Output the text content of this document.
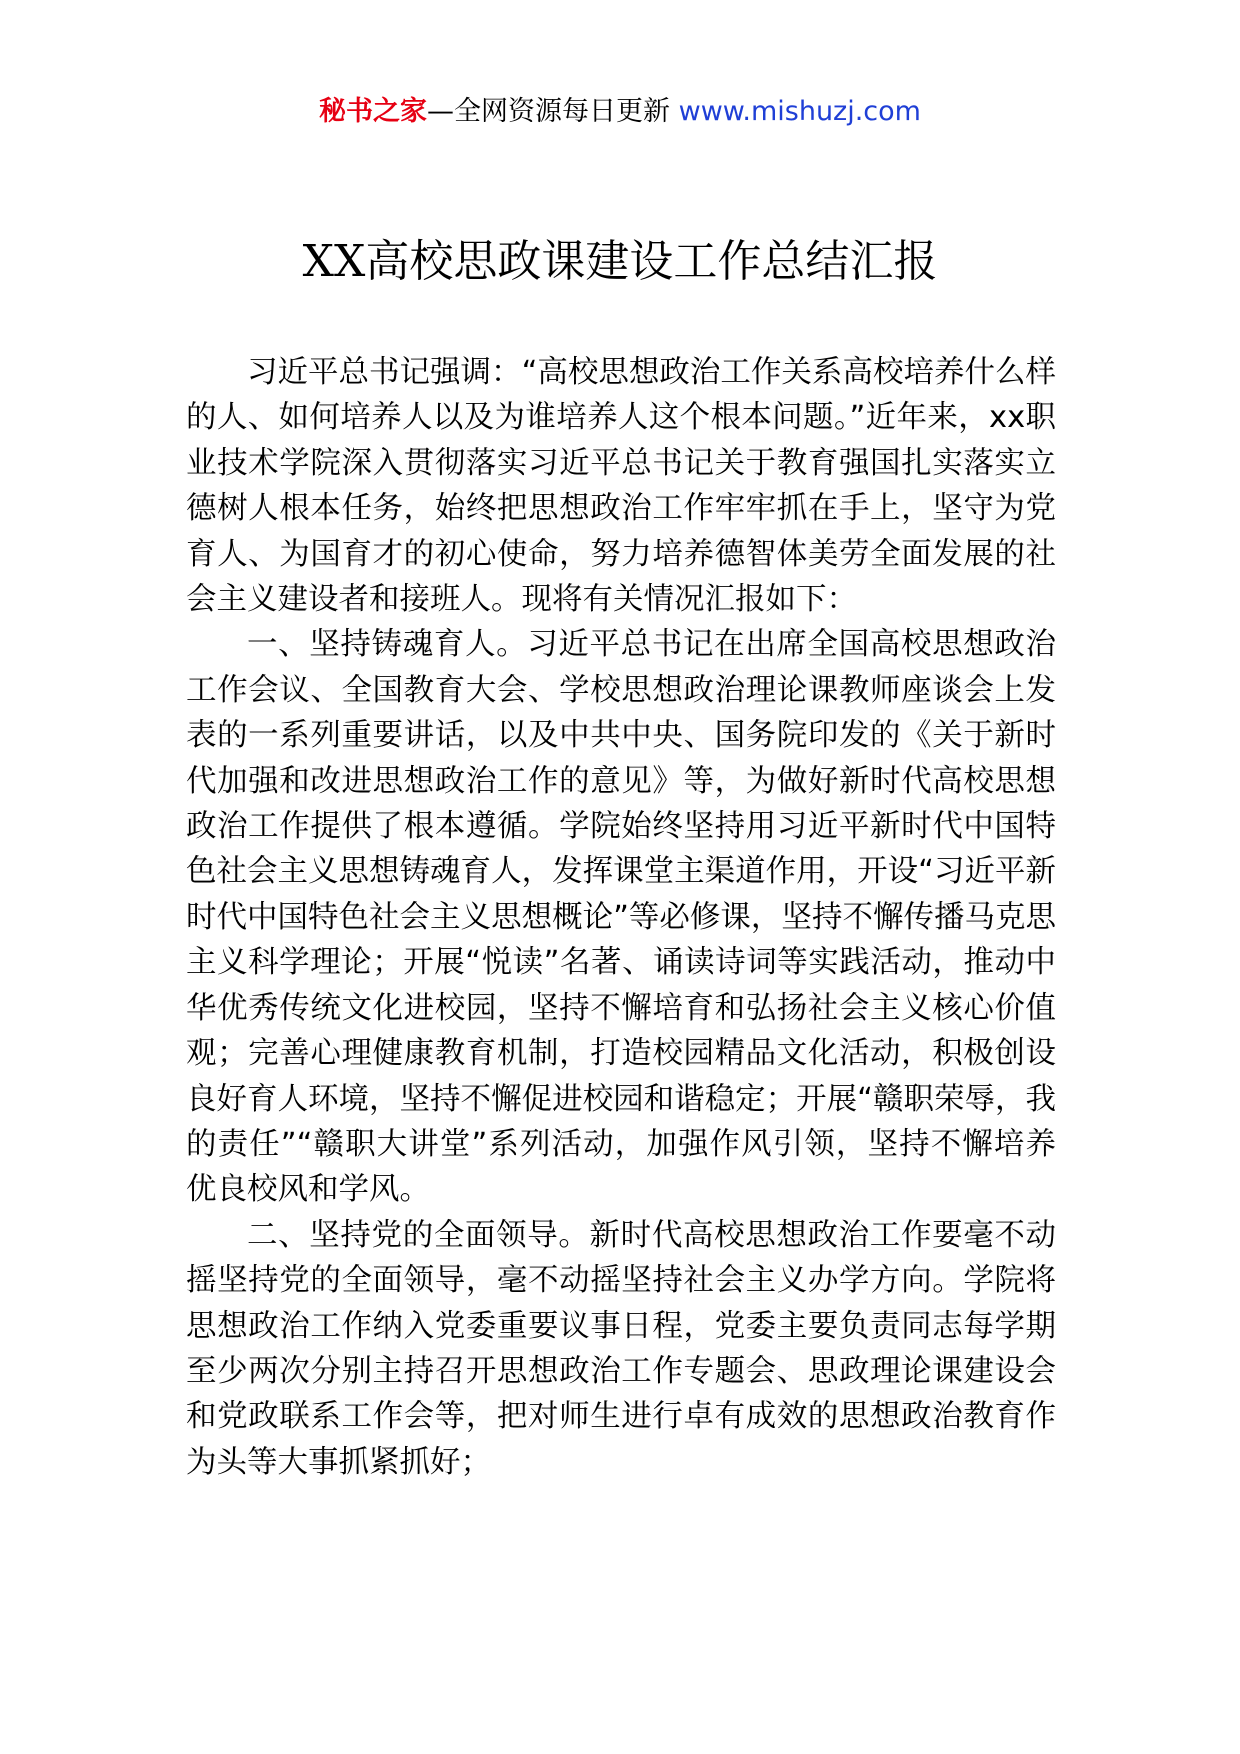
秘书之家—全网资源每日更新 www.mishuzj.com
XX高校思政课建设工作总结汇报

习近平总书记强调：“高校思想政治工作关系高校培养什么样的人、如何培养人以及为谁培养人这个根本问题。”近年来，xx职业技术学院深入贯彻落实习近平总书记关于教育强国扎实落实立德树人根本任务，始终把思想政治工作牢牢抓在手上，坚守为党育人、为国育才的初心使命，努力培养德智体美劳全面发展的社会主义建设者和接班人。现将有关情况汇报如下：

一、坚持铸魂育人。习近平总书记在出席全国高校思想政治工作会议、全国教育大会、学校思想政治理论课教师座谈会上发表的一系列重要讲话，以及中共中央、国务院印发的《关于新时代加强和改进思想政治工作的意见》等，为做好新时代高校思想政治工作提供了根本遵循。学院始终坚持用习近平新时代中国特色社会主义思想铸魂育人，发挥课堂主渠道作用，开设“习近平新时代中国特色社会主义思想概论”等必修课，坚持不懈传播马克思主义科学理论；开展“悦读”名著、诵读诗词等实践活动，推动中华优秀传统文化进校园，坚持不懈培育和弘扬社会主义核心价值观；完善心理健康教育机制，打造校园精品文化活动，积极创设良好育人环境，坚持不懈促进校园和谐稳定；开展“赣职荣辱，我的责任”“赣职大讲堂”系列活动，加强作风引领，坚持不懈培养优良校风和学风。

二、坚持党的全面领导。新时代高校思想政治工作要毫不动摇坚持党的全面领导，毫不动摇坚持社会主义办学方向。学院将思想政治工作纳入党委重要议事日程，党委主要负责同志每学期至少两次分别主持召开思想政治工作专题会、思政理论课建设会和党政联系工作会等，把对师生进行卓有成效的思想政治教育作为头等大事抓紧抓好；
